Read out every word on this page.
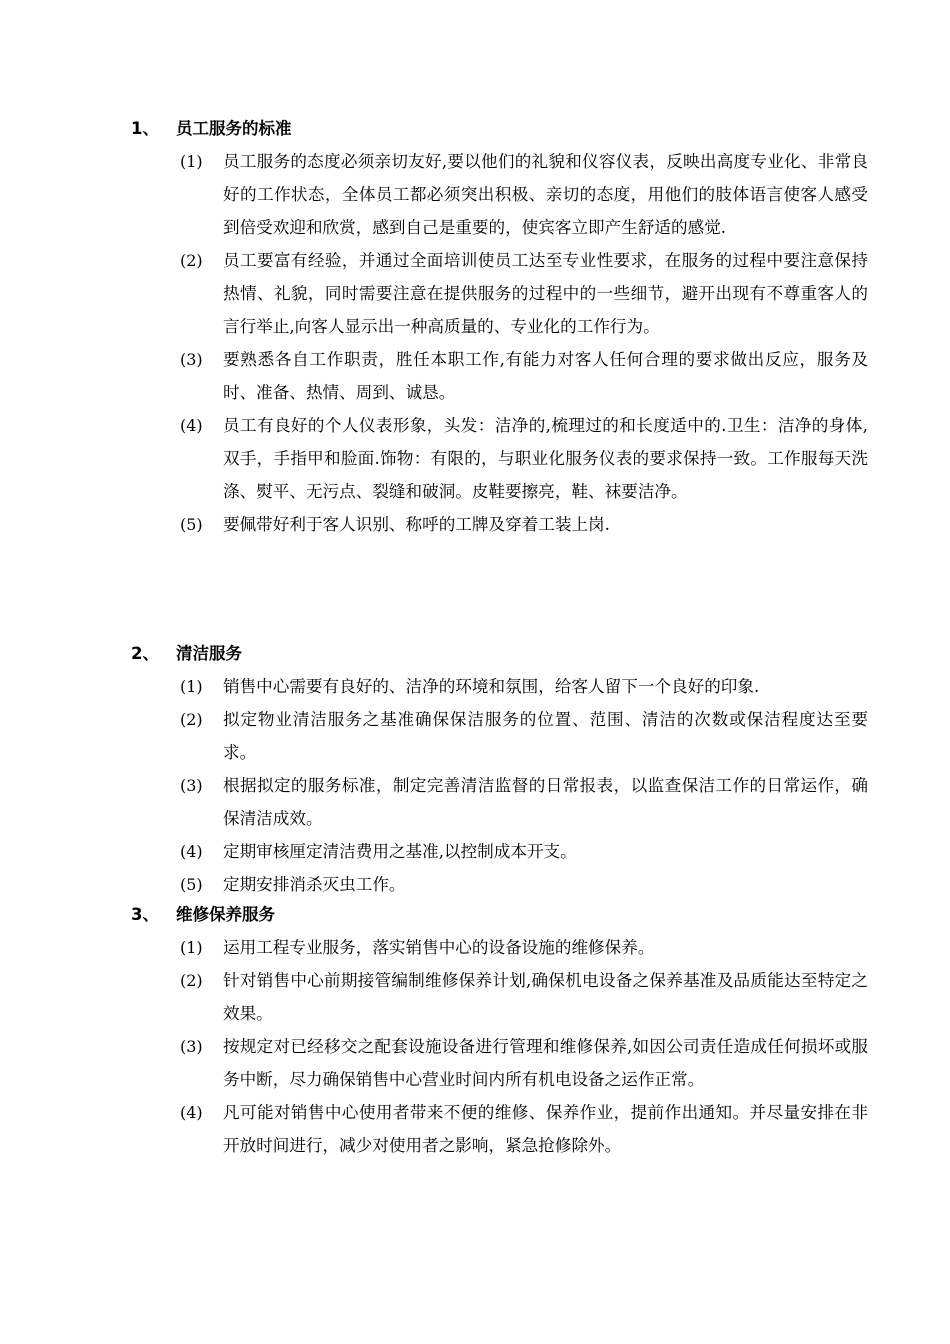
1、 员工服务的标准
(1) 员工服务的态度必须亲切友好,要以他们的礼貌和仪容仪表，反映出高度专业化、非常良好的工作状态，全体员工都必须突出积极、亲切的态度，用他们的肢体语言使客人感受到倍受欢迎和欣赏，感到自己是重要的，使宾客立即产生舒适的感觉.
(2) 员工要富有经验，并通过全面培训使员工达至专业性要求，在服务的过程中要注意保持热情、礼貌，同时需要注意在提供服务的过程中的一些细节，避开出现有不尊重客人的言行举止,向客人显示出一种高质量的、专业化的工作行为。
(3) 要熟悉各自工作职责，胜任本职工作,有能力对客人任何合理的要求做出反应，服务及时、准备、热情、周到、诚恳。
(4) 员工有良好的个人仪表形象，头发：洁净的,梳理过的和长度适中的.卫生：洁净的身体,双手，手指甲和脸面.饰物：有限的，与职业化服务仪表的要求保持一致。工作服每天洗涤、熨平、无污点、裂缝和破洞。皮鞋要擦亮，鞋、袜要洁净。
(5) 要佩带好利于客人识别、称呼的工牌及穿着工装上岗.
2、 清洁服务
(1) 销售中心需要有良好的、洁净的环境和氛围，给客人留下一个良好的印象.
(2) 拟定物业清洁服务之基准确保保洁服务的位置、范围、清洁的次数或保洁程度达至要求。
(3) 根据拟定的服务标准，制定完善清洁监督的日常报表，以监查保洁工作的日常运作，确保清洁成效。
(4) 定期审核厘定清洁费用之基准,以控制成本开支。
(5) 定期安排消杀灭虫工作。
3、 维修保养服务
(1) 运用工程专业服务，落实销售中心的设备设施的维修保养。
(2) 针对销售中心前期接管编制维修保养计划,确保机电设备之保养基准及品质能达至特定之效果。
(3) 按规定对已经移交之配套设施设备进行管理和维修保养,如因公司责任造成任何损坏或服务中断，尽力确保销售中心营业时间内所有机电设备之运作正常。
(4) 凡可能对销售中心使用者带来不便的维修、保养作业，提前作出通知。并尽量安排在非开放时间进行，减少对使用者之影响，紧急抢修除外。
